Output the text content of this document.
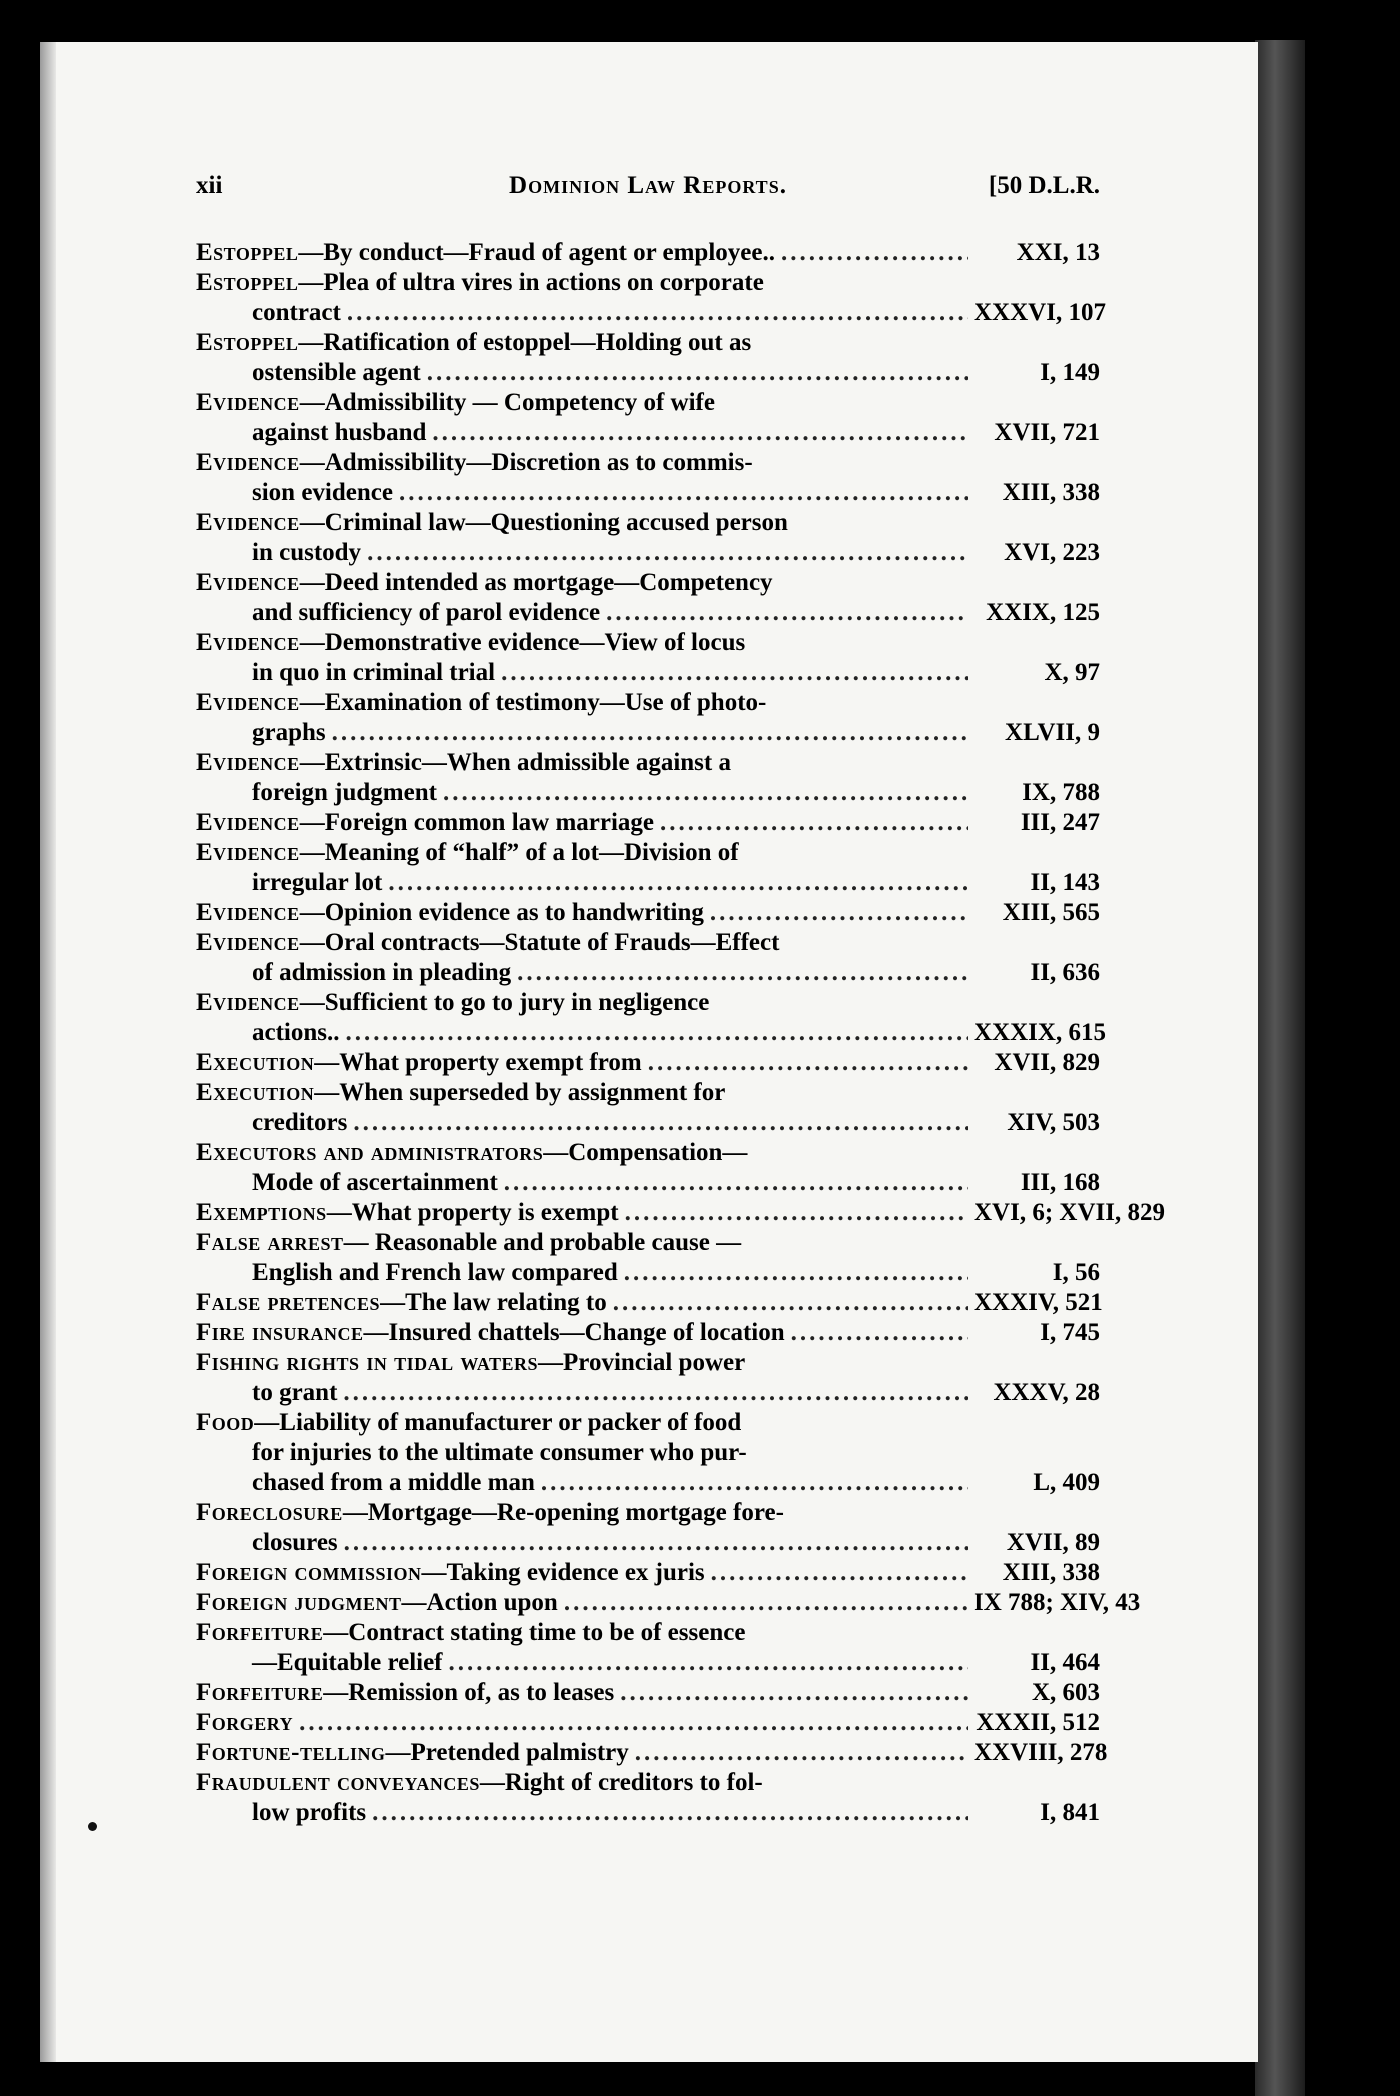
xii	Dominion Law Reports.	[50 D.L.R.
Estoppel —By conduct—Fraud of agent or employee.. .....	XXI, 13
Estoppel —Plea of ultra vires in actions on corporate
contract .....	XXXVI, 107
Estoppel —Ratification of estoppel—Holding out as
ostensible agent .....	I, 149
Evidence —Admissibility — Competency of wife
against husband .....	XVII, 721
Evidence —Admissibility—Discretion as to commis-
sion evidence .....	XIII, 338
Evidence —Criminal law—Questioning accused person
in custody .....	XVI, 223
Evidence —Deed intended as mortgage—Competency
and sufficiency of parol evidence .....	XXIX, 125
Evidence —Demonstrative evidence—View of locus
in quo in criminal trial .....	X, 97
Evidence —Examination of testimony—Use of photo-
graphs .....	XLVII, 9
Evidence —Extrinsic—When admissible against a
foreign judgment .....	IX, 788
Evidence —Foreign common law marriage .....	III, 247
Evidence —Meaning of “half” of a lot—Division of
irregular lot .....	II, 143
Evidence —Opinion evidence as to handwriting .....	XIII, 565
Evidence —Oral contracts—Statute of Frauds—Effect
of admission in pleading .....	II, 636
Evidence —Sufficient to go to jury in negligence
actions.. .....	XXXIX, 615
Execution —What property exempt from .....	XVII, 829
Execution —When superseded by assignment for
creditors .....	XIV, 503
Executors and administrators —Compensation—
Mode of ascertainment .....	III, 168
Exemptions —What property is exempt .....	XVI, 6; XVII, 829
False arrest — Reasonable and probable cause —
English and French law compared .....	I, 56
False pretences —The law relating to .....	XXXIV, 521
Fire insurance —Insured chattels—Change of location .....	I, 745
Fishing rights in tidal waters —Provincial power
to grant .....	XXXV, 28
Food —Liability of manufacturer or packer of food
for injuries to the ultimate consumer who pur-
chased from a middle man .....	L, 409
Foreclosure —Mortgage—Re-opening mortgage fore-
closures .....	XVII, 89
Foreign commission —Taking evidence ex juris .....	XIII, 338
Foreign judgment —Action upon .....	IX 788; XIV, 43
Forfeiture —Contract stating time to be of essence
—Equitable relief .....	II, 464
Forfeiture —Remission of, as to leases .....	X, 603
Forgery .....	XXXII, 512
Fortune-telling —Pretended palmistry .....	XXVIII, 278
Fraudulent conveyances —Right of creditors to fol-
low profits .....	I, 841
